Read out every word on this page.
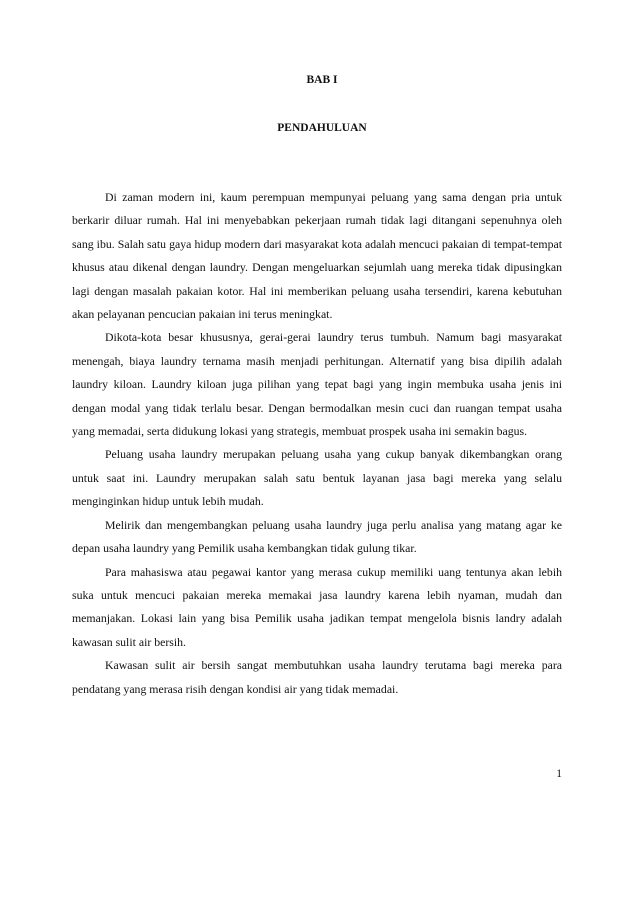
BAB I
PENDAHULUAN

Di zaman modern ini, kaum perempuan mempunyai peluang yang sama dengan pria untuk berkarir diluar rumah. Hal ini menyebabkan pekerjaan rumah tidak lagi ditangani sepenuhnya oleh sang ibu. Salah satu gaya hidup modern dari masyarakat kota adalah mencuci pakaian di tempat-tempat khusus atau dikenal dengan laundry. Dengan mengeluarkan sejumlah uang mereka tidak dipusingkan lagi dengan masalah pakaian kotor. Hal ini memberikan peluang usaha tersendiri, karena kebutuhan akan pelayanan pencucian pakaian ini terus meningkat.

Dikota-kota besar khususnya, gerai-gerai laundry terus tumbuh. Namum bagi masyarakat menengah, biaya laundry ternama masih menjadi perhitungan. Alternatif yang bisa dipilih adalah laundry kiloan. Laundry kiloan juga pilihan yang tepat bagi yang ingin membuka usaha jenis ini dengan modal yang tidak terlalu besar. Dengan bermodalkan mesin cuci dan ruangan tempat usaha yang memadai, serta didukung lokasi yang strategis, membuat prospek usaha ini semakin bagus.

Peluang usaha laundry merupakan peluang usaha yang cukup banyak dikembangkan orang untuk saat ini. Laundry merupakan salah satu bentuk layanan jasa bagi mereka yang selalu menginginkan hidup untuk lebih mudah.

Melirik dan mengembangkan peluang usaha laundry juga perlu analisa yang matang agar ke depan usaha laundry yang Pemilik usaha kembangkan tidak gulung tikar.

Para mahasiswa atau pegawai kantor yang merasa cukup memiliki uang tentunya akan lebih suka untuk mencuci pakaian mereka memakai jasa laundry karena lebih nyaman, mudah dan memanjakan. Lokasi lain yang bisa Pemilik usaha jadikan tempat mengelola bisnis landry adalah kawasan sulit air bersih.

Kawasan sulit air bersih sangat membutuhkan usaha laundry terutama bagi mereka para pendatang yang merasa risih dengan kondisi air yang tidak memadai.

1
